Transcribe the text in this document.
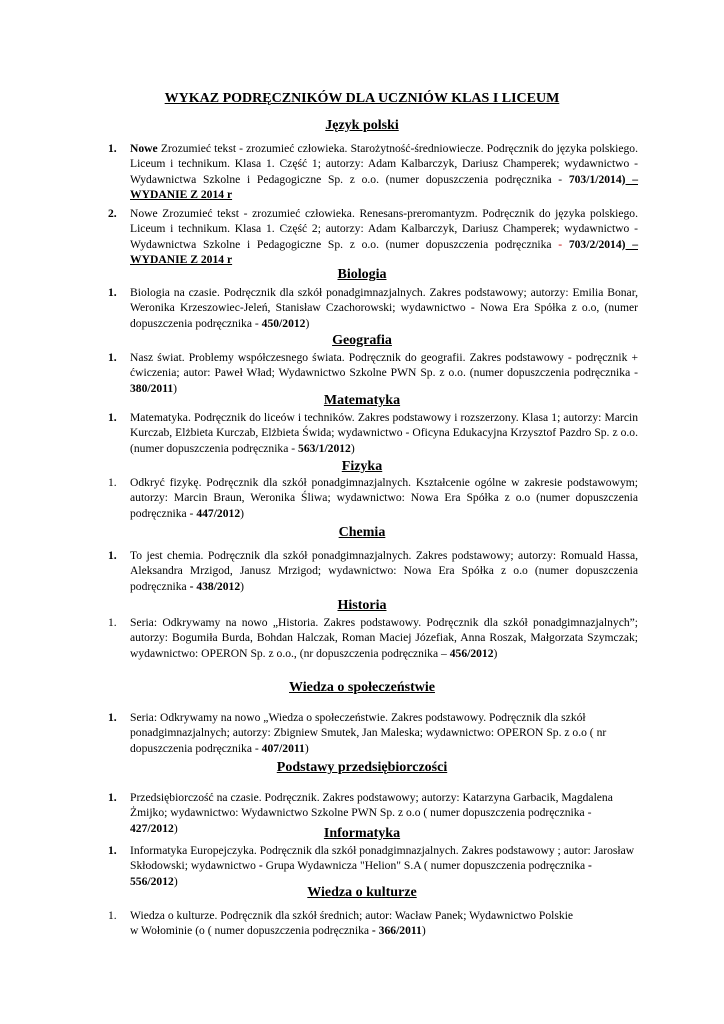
WYKAZ PODRĘCZNIKÓW DLA UCZNIÓW KLAS I LICEUM
Język polski
1.	Nowe Zrozumieć tekst - zrozumieć człowieka. Starożytność-średniowiecze. Podręcznik do języka polskiego. Liceum i technikum. Klasa 1. Część 1; autorzy: Adam Kalbarczyk, Dariusz Champerek; wydawnictwo - Wydawnictwa Szkolne i Pedagogiczne Sp. z o.o. (numer dopuszczenia podręcznika - 703/1/2014) – WYDANIE Z 2014 r
2.	Nowe Zrozumieć tekst - zrozumieć człowieka. Renesans-preromantyzm. Podręcznik do języka polskiego. Liceum i technikum. Klasa 1. Część 2; autorzy: Adam Kalbarczyk, Dariusz Champerek; wydawnictwo - Wydawnictwa Szkolne i Pedagogiczne Sp. z o.o. (numer dopuszczenia podręcznika - 703/2/2014) – WYDANIE Z 2014 r
Biologia
1.	Biologia na czasie. Podręcznik dla szkół ponadgimnazjalnych. Zakres podstawowy; autorzy: Emilia Bonar, Weronika Krzeszowiec-Jeleń, Stanisław Czachorowski; wydawnictwo - Nowa Era Spółka z o.o, (numer dopuszczenia podręcznika - 450/2012)
Geografia
1.	Nasz świat. Problemy współczesnego świata. Podręcznik do geografii. Zakres podstawowy - podręcznik + ćwiczenia; autor: Paweł Wład; Wydawnictwo Szkolne PWN Sp. z o.o. (numer dopuszczenia podręcznika - 380/2011)
Matematyka
1.	Matematyka. Podręcznik do liceów i techników. Zakres podstawowy i rozszerzony. Klasa 1; autorzy: Marcin Kurczab, Elżbieta Kurczab, Elżbieta Świda; wydawnictwo - Oficyna Edukacyjna Krzysztof Pazdro Sp. z o.o. (numer dopuszczenia podręcznika - 563/1/2012)
Fizyka
1.	Odkryć fizykę. Podręcznik dla szkół ponadgimnazjalnych. Kształcenie ogólne w zakresie podstawowym; autorzy: Marcin Braun, Weronika Śliwa; wydawnictwo: Nowa Era Spółka z o.o (numer dopuszczenia podręcznika - 447/2012)
Chemia
1.	To jest chemia. Podręcznik dla szkół ponadgimnazjalnych. Zakres podstawowy; autorzy: Romuald Hassa, Aleksandra Mrzigod, Janusz Mrzigod; wydawnictwo: Nowa Era Spółka z o.o (numer dopuszczenia podręcznika - 438/2012)
Historia
1.	Seria: Odkrywamy na nowo „Historia. Zakres podstawowy. Podręcznik dla szkół ponadgimnazjalnych”; autorzy: Bogumiła Burda, Bohdan Halczak, Roman Maciej Józefiak, Anna Roszak, Małgorzata Szymczak; wydawnictwo: OPERON Sp. z o.o., (nr dopuszczenia podręcznika – 456/2012)
Wiedza o społeczeństwie
1.	Seria: Odkrywamy na nowo „Wiedza o społeczeństwie. Zakres podstawowy. Podręcznik dla szkół ponadgimnazjalnych; autorzy: Zbigniew Smutek, Jan Maleska; wydawnictwo: OPERON Sp. z o.o ( nr dopuszczenia podręcznika - 407/2011)
Podstawy przedsiębiorczości
1.	Przedsiębiorczość na czasie. Podręcznik. Zakres podstawowy; autorzy: Katarzyna Garbacik, Magdalena Żmijko; wydawnictwo: Wydawnictwo Szkolne PWN Sp. z o.o ( numer dopuszczenia podręcznika - 427/2012)	Informatyka
1.	Informatyka Europejczyka. Podręcznik dla szkół ponadgimnazjalnych. Zakres podstawowy ; autor: Jarosław Skłodowski; wydawnictwo - Grupa Wydawnicza "Helion" S.A ( numer dopuszczenia podręcznika - 556/2012)
Wiedza o kulturze
1.	Wiedza o kulturze. Podręcznik dla szkół średnich; autor: Wacław Panek; Wydawnictwo Polskie
w Wołominie (o ( numer dopuszczenia podręcznika - 366/2011)
